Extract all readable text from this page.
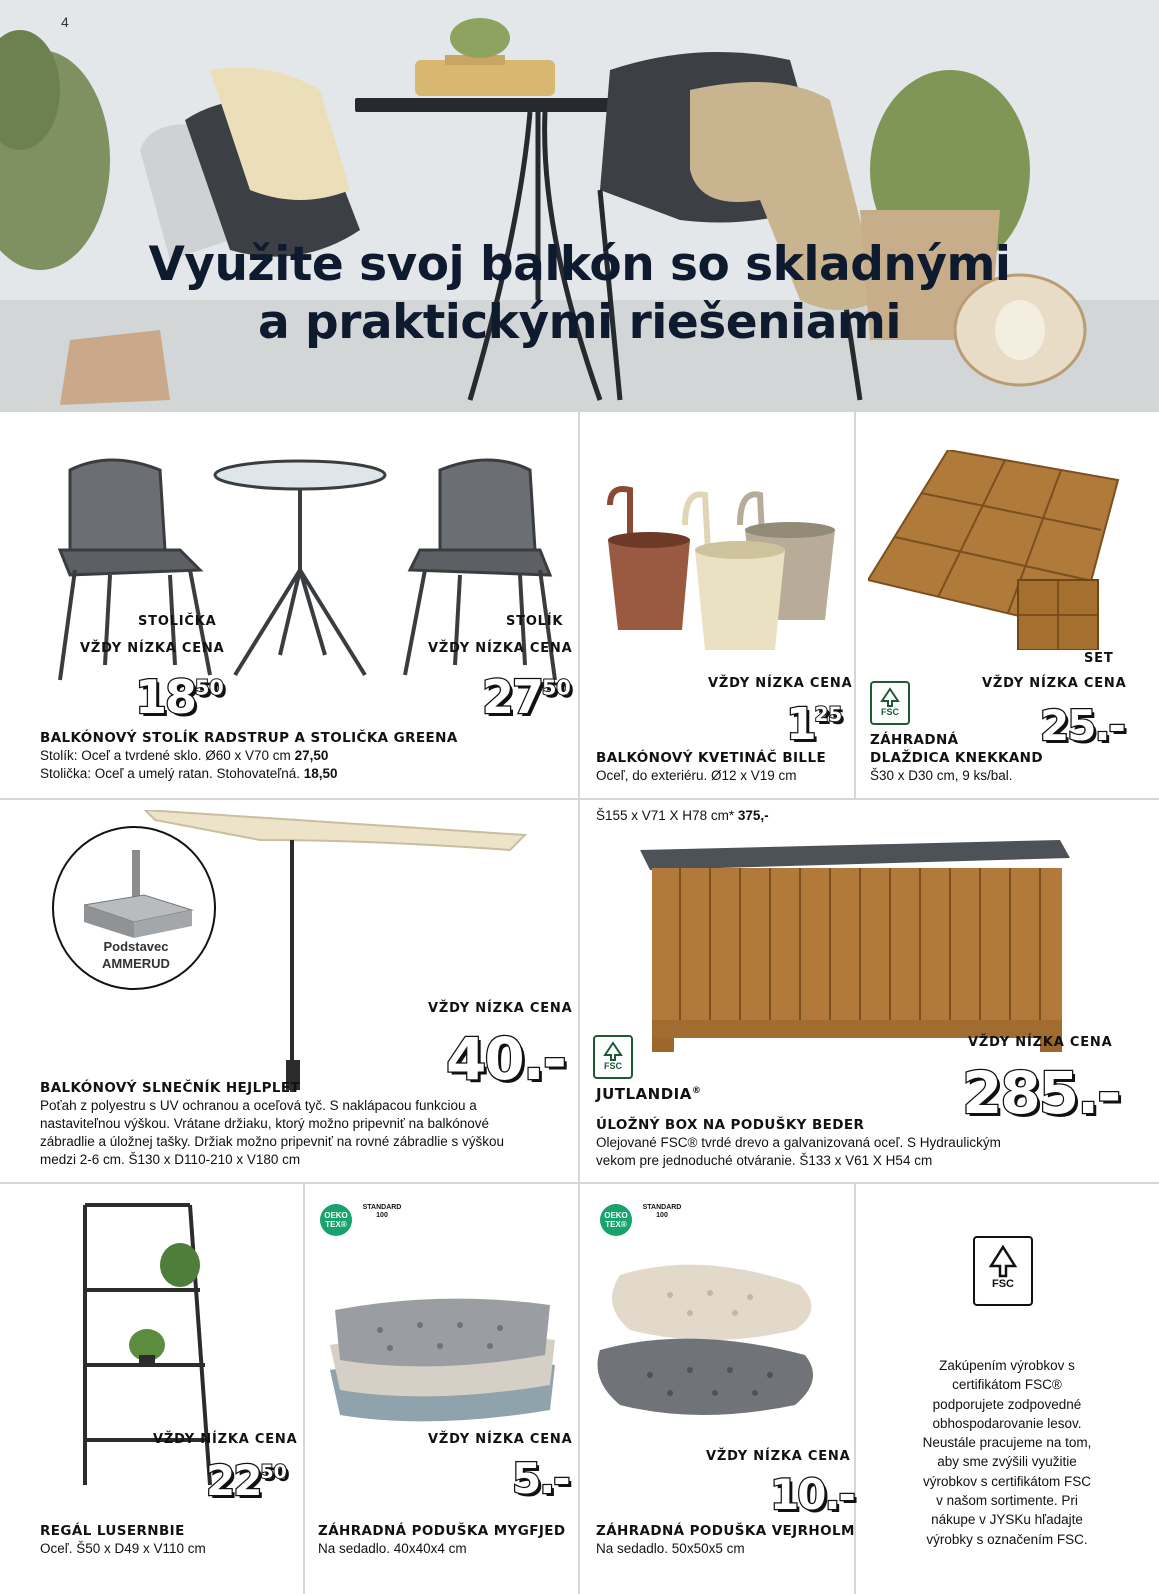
4
Využite svoj balkón so skladnými
a praktickými riešeniami
STOLIČKA	STOLÍK
VŽDY NÍZKA CENA	VŽDY NÍZKA CENA
$18^{50}$	$27^{50}$
BALKÓNOVÝ STOLÍK RADSTRUP A STOLIČKA GREENA
Stolík: Oceľ a tvrdené sklo. Ø60 x V70 cm 27,50
Stolička: Oceľ a umelý ratan. Stohovateľná. 18,50
VŽDY NÍZKA CENA
$1^{25}$
BALKÓNOVÝ KVETINÁČ BILLE
Oceľ, do exteriéru. Ø12 x V19 cm
SET
VŽDY NÍZKA CENA
FSC	25.-
ZÁHRADNÁ
DLAŽDICA KNEKKAND
Š30 x D30 cm, 9 ks/bal.
Podstavec
AMMERUD
VŽDY NÍZKA CENA
40.-
BALKÓNOVÝ SLNEČNÍK HEJLPLET
Poťah z polyestru s UV ochranou a oceľová tyč. S naklápacou funkciou a
nastaviteľnou výškou. Vrátane držiaku, ktorý možno pripevniť na balkónové
zábradlie a úložnej tašky. Držiak možno pripevniť na rovné zábradlie s výškou
medzi 2-6 cm. Š130 x D110-210 x V180 cm
Š155 x V71 X H78 cm* 375,-
VŽDY NÍZKA CENA
FSC	285.-
JUTLANDIA®
ÚLOŽNÝ BOX NA PODUŠKY BEDER
Olejované FSC® tvrdé drevo a galvanizovaná oceľ. S Hydraulickým
vekom pre jednoduché otváranie. Š133 x V61 X H54 cm
VŽDY NÍZKA CENA
$22^{50}$
REGÁL LUSERNBIE
Oceľ. Š50 x D49 x V110 cm
OEKO TEX®
STANDARD 100
VŽDY NÍZKA CENA
5.-
ZÁHRADNÁ PODUŠKA MYGFJED
Na sedadlo. 40x40x4 cm
OEKO TEX®
STANDARD 100
VŽDY NÍZKA CENA
10.-
ZÁHRADNÁ PODUŠKA VEJRHOLM
Na sedadlo. 50x50x5 cm
FSC
Zakúpením výrobkov s
certifikátom FSC®
podporujete zodpovedné
obhospodarovanie lesov.
Neustále pracujeme na tom,
aby sme zvýšili využitie
výrobkov s certifikátom FSC
v našom sortimente. Pri
nákupe v JYSKu hľadajte
výrobky s označením FSC.
